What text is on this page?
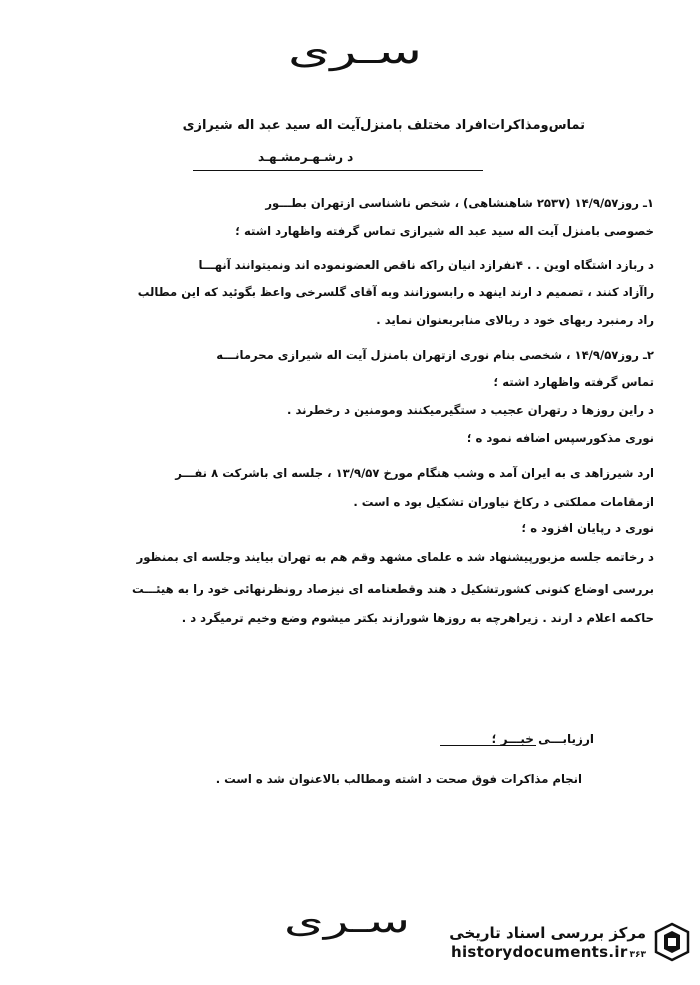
سـری
تماس‌ومذاکرات‌افراد مختلف‌ بامنزل‌آیت اله سید عبد اله شیرازی
د رشـهـرمشـهـد
۱ـ روز۱۴/۹/۵۷ (۲۵۳۷ شاهنشاهی) ، شخص ناشناسی ازتهران بطـــور
خصوصی بامنزل آیت اله سید عبد اله شیرازی تماس گرفته واظهارد اشته ؛
د ربازد اشتگاه اوین . . ۴نفرازد انیان راکه ناقص العضونموده اند ونمیتوانند آنهـــا
راآزاد کنند ، تصمیم د ارند اینهد ه رابسوزانند وبه آقای گلسرخی واعظ بگوئید که این مطالب
راد رمنبرد ربهای خود د ربالای منابربعنوان نماید .
۲ـ روز۱۴/۹/۵۷ ، شخصی بنام نوری ازتهران بامنزل آیت اله شیرازی محرمانـــه
تماس گرفته واظهارد اشته ؛
د راین روزها د رتهران عجیب د ستگیرمیکنند ومومنین د رخطرند .
نوری مذکورسپس اضافه نمود ه ؛
ارد شیرزاهد ی به ایران آمد ه وشب هنگام مورخ ۱۳/۹/۵۷ ، جلسه ای باشرکت ۸ نفـــر
ازمقامات مملکتی د رکاخ نیاوران تشکیل بود ه است .
نوری د رپایان افزود ه ؛
د رخاتمه جلسه مزبورپیشنهاد شد ه علمای مشهد وقم هم به تهران بیایند وجلسه ای بمنظور
بررسی اوضاع کنونی کشورتشکیل د هند وقطعنامه ای نیزصاد رونظرنهائی خود را به هیئـــت
حاکمه اعلام د ارند . زیراهرچه به روزها شورازند بکتر میشوم وضع وخیم ترمیگرد د .
ارزیابـــی خبـــر ؛
انجام مذاکرات فوق صحت د اشته ومطالب بالاعنوان شد ه است .
سـری	مرکز بررسی اسناد تاریخی
historydocuments.ir ۳۶۳
